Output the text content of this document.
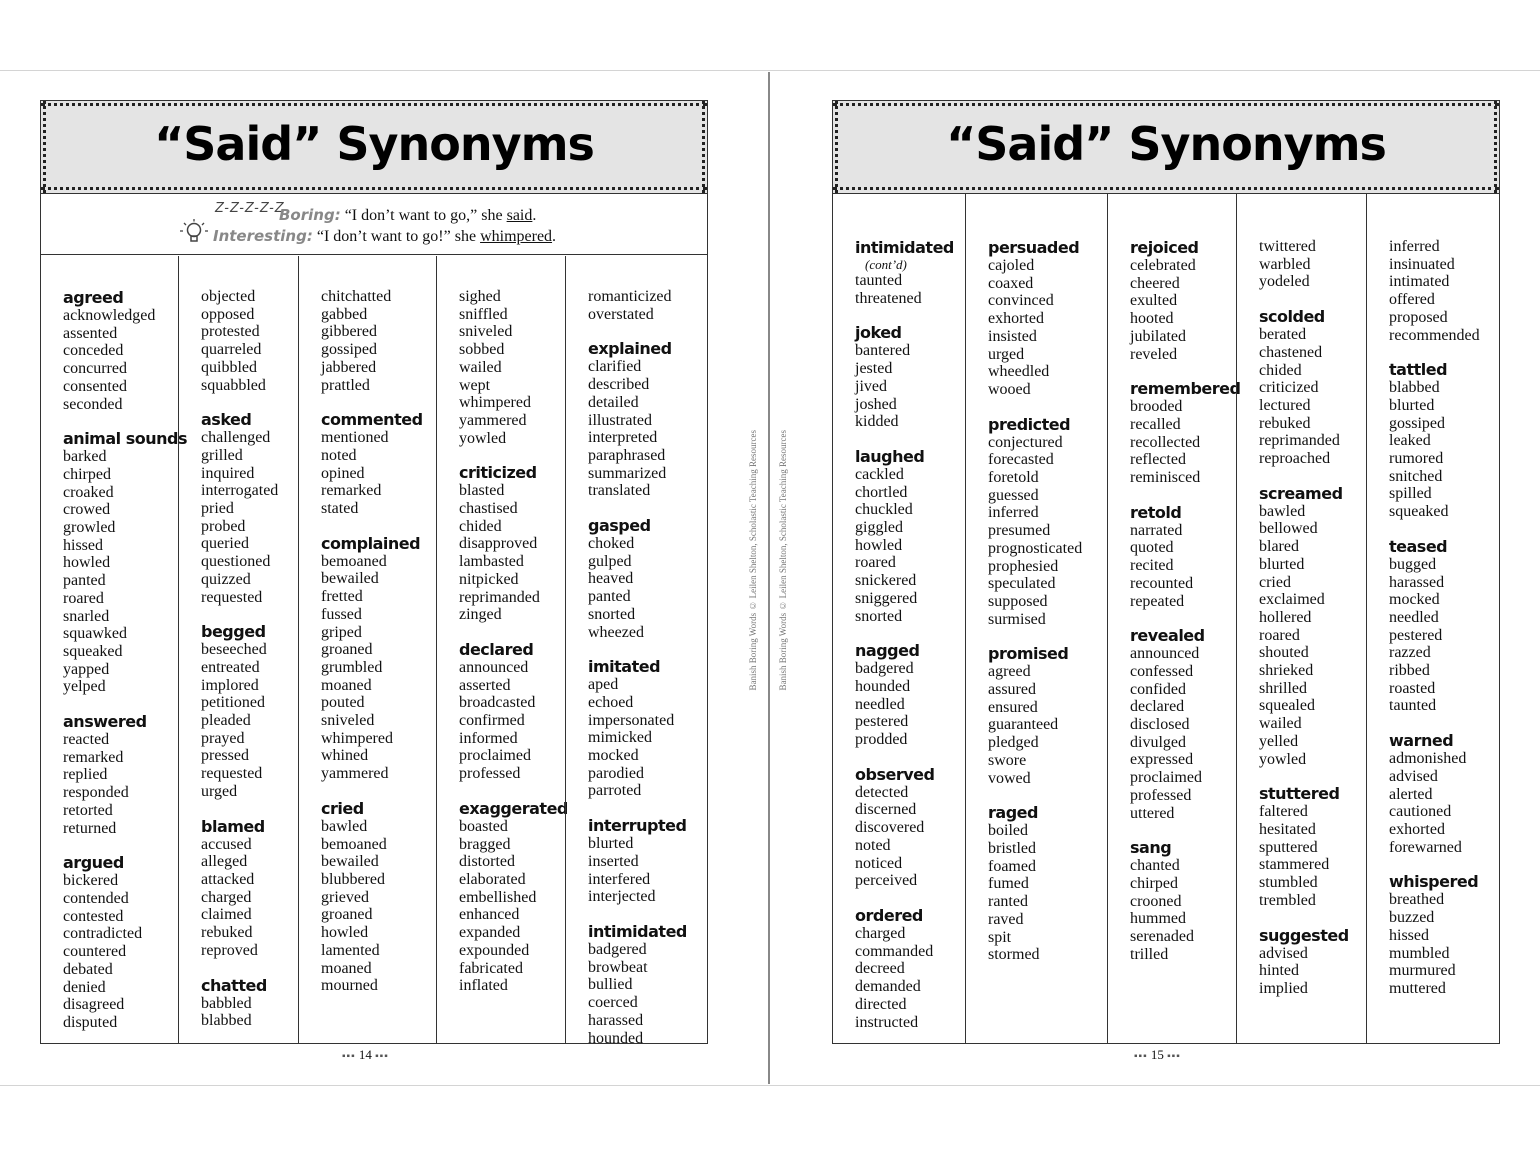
“Said” Synonyms
Z-Z-Z-Z-Z
Boring: “I don’t want to go,” she said.
Interesting: “I don’t want to go!” she whimpered.
agreed
acknowledged
assented
conceded
concurred
consented
seconded
animal sounds
barked
chirped
croaked
crowed
growled
hissed
howled
panted
roared
snarled
squawked
squeaked
yapped
yelped
answered
reacted
remarked
replied
responded
retorted
returned
argued
bickered
contended
contested
contradicted
countered
debated
denied
disagreed
disputed
objected
opposed
protested
quarreled
quibbled
squabbled
asked
challenged
grilled
inquired
interrogated
pried
probed
queried
questioned
quizzed
requested
begged
beseeched
entreated
implored
petitioned
pleaded
prayed
pressed
requested
urged
blamed
accused
alleged
attacked
charged
claimed
rebuked
reproved
chatted
babbled
blabbed
chitchatted
gabbed
gibbered
gossiped
jabbered
prattled
commented
mentioned
noted
opined
remarked
stated
complained
bemoaned
bewailed
fretted
fussed
griped
groaned
grumbled
moaned
pouted
sniveled
whimpered
whined
yammered
cried
bawled
bemoaned
bewailed
blubbered
grieved
groaned
howled
lamented
moaned
mourned
sighed
sniffled
sniveled
sobbed
wailed
wept
whimpered
yammered
yowled
criticized
blasted
chastised
chided
disapproved
lambasted
nitpicked
reprimanded
zinged
declared
announced
asserted
broadcasted
confirmed
informed
proclaimed
professed
exaggerated
boasted
bragged
distorted
elaborated
embellished
enhanced
expanded
expounded
fabricated
inflated
romanticized
overstated
explained
clarified
described
detailed
illustrated
interpreted
paraphrased
summarized
translated
gasped
choked
gulped
heaved
panted
snorted
wheezed
imitated
aped
echoed
impersonated
mimicked
mocked
parodied
parroted
interrupted
blurted
inserted
interfered
interjected
intimidated
badgered
browbeat
bullied
coerced
harassed
hounded
▪▪▪ 14 ▪▪▪
“Said” Synonyms
intimidated
(cont’d)
taunted
threatened
joked
bantered
jested
jived
joshed
kidded
laughed
cackled
chortled
chuckled
giggled
howled
roared
snickered
sniggered
snorted
nagged
badgered
hounded
needled
pestered
prodded
observed
detected
discerned
discovered
noted
noticed
perceived
ordered
charged
commanded
decreed
demanded
directed
instructed
persuaded
cajoled
coaxed
convinced
exhorted
insisted
urged
wheedled
wooed
predicted
conjectured
forecasted
foretold
guessed
inferred
presumed
prognosticated
prophesied
speculated
supposed
surmised
promised
agreed
assured
ensured
guaranteed
pledged
swore
vowed
raged
boiled
bristled
foamed
fumed
ranted
raved
spit
stormed
rejoiced
celebrated
cheered
exulted
hooted
jubilated
reveled
remembered
brooded
recalled
recollected
reflected
reminisced
retold
narrated
quoted
recited
recounted
repeated
revealed
announced
confessed
confided
declared
disclosed
divulged
expressed
proclaimed
professed
uttered
sang
chanted
chirped
crooned
hummed
serenaded
trilled
twittered
warbled
yodeled
scolded
berated
chastened
chided
criticized
lectured
rebuked
reprimanded
reproached
screamed
bawled
bellowed
blared
blurted
cried
exclaimed
hollered
roared
shouted
shrieked
shrilled
squealed
wailed
yelled
yowled
stuttered
faltered
hesitated
sputtered
stammered
stumbled
trembled
suggested
advised
hinted
implied
inferred
insinuated
intimated
offered
proposed
recommended
tattled
blabbed
blurted
gossiped
leaked
rumored
snitched
spilled
squeaked
teased
bugged
harassed
mocked
needled
pestered
razzed
ribbed
roasted
taunted
warned
admonished
advised
alerted
cautioned
exhorted
forewarned
whispered
breathed
buzzed
hissed
mumbled
murmured
muttered
▪▪▪ 15 ▪▪▪
Banish Boring Words © Leilen Shelton, Scholastic Teaching Resources Banish Boring Words © Leilen Shelton, Scholastic Teaching Resources
